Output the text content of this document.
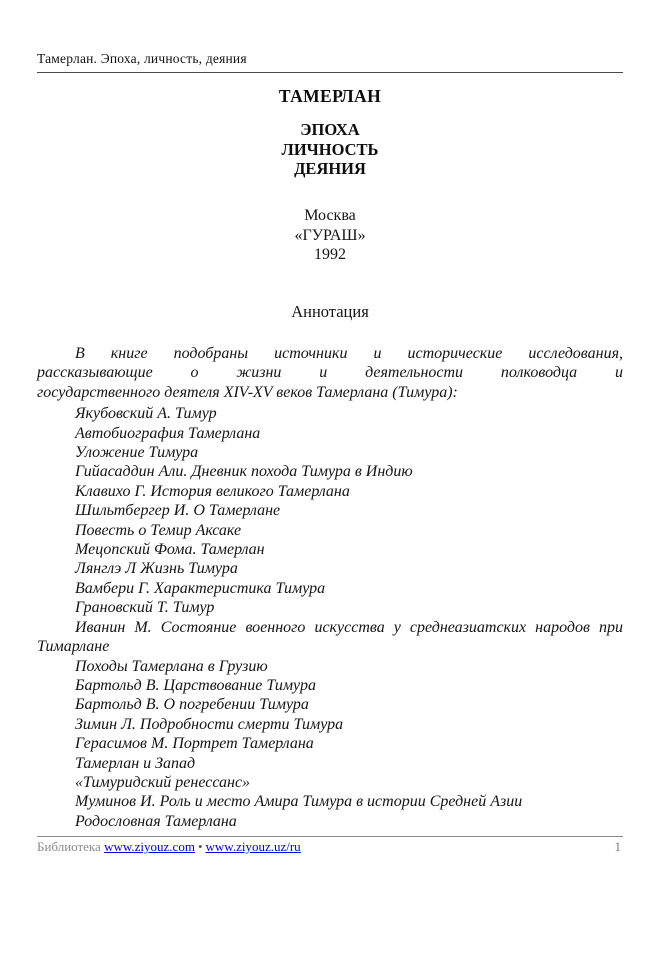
Тамерлан. Эпоха, личность, деяния
ТАМЕРЛАН
ЭПОХА
ЛИЧНОСТЬ
ДЕЯНИЯ
Москва
«ГУРАШ»
1992
Аннотация
В книге подобраны источники и исторические исследования,
рассказывающие о жизни и деятельности полководца и
государственного деятеля XIV-XV веков Тамерлана (Тимура):
Якубовский А. Тимур
Автобиография Тамерлана
Уложение Тимура
Гийасаддин Али. Дневник похода Тимура в Индию
Клавихо Г. История великого Тамерлана
Шильтбергер И. О Тамерлане
Повесть о Темир Аксаке
Мецопский Фома. Тамерлан
Лянглэ Л Жизнь Тимура
Вамбери Г. Характеристика Тимура
Грановский Т. Тимур
Иванин М. Состояние военного искусства у среднеазиатских народов при Тимарлане
Походы Тамерлана в Грузию
Бартольд В. Царствование Тимура
Бартольд В. О погребении Тимура
Зимин Л. Подробности смерти Тимура
Герасимов М. Портрет Тамерлана
Тамерлан и Запад
«Тимуридский ренессанс»
Муминов И. Роль и место Амира Тимура в истории Средней Азии
Родословная Тамерлана
Библиотека www.ziyouz.com • www.ziyouz.uz/ru	1
